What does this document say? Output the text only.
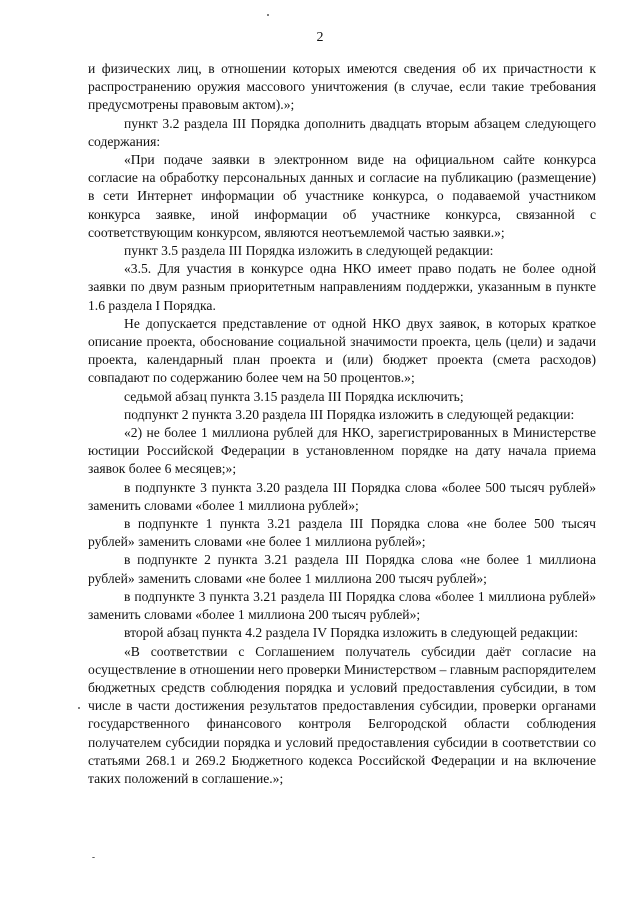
2

и физических лиц, в отношении которых имеются сведения об их причастности к распространению оружия массового уничтожения (в случае, если такие требования предусмотрены правовым актом).»;

пункт 3.2 раздела III Порядка дополнить двадцать вторым абзацем следующего содержания:

«При подаче заявки в электронном виде на официальном сайте конкурса согласие на обработку персональных данных и согласие на публикацию (размещение) в сети Интернет информации об участнике конкурса, о подаваемой участником конкурса заявке, иной информации об участнике конкурса, связанной с соответствующим конкурсом, являются неотъемлемой частью заявки.»;

пункт 3.5 раздела III Порядка изложить в следующей редакции:

«3.5. Для участия в конкурсе одна НКО имеет право подать не более одной заявки по двум разным приоритетным направлениям поддержки, указанным в пункте 1.6 раздела I Порядка.

Не допускается представление от одной НКО двух заявок, в которых краткое описание проекта, обоснование социальной значимости проекта, цель (цели) и задачи проекта, календарный план проекта и (или) бюджет проекта (смета расходов) совпадают по содержанию более чем на 50 процентов.»;

седьмой абзац пункта 3.15 раздела III Порядка исключить;

подпункт 2 пункта 3.20 раздела III Порядка изложить в следующей редакции:

«2) не более 1 миллиона рублей для НКО, зарегистрированных в Министерстве юстиции Российской Федерации в установленном порядке на дату начала приема заявок более 6 месяцев;»;

в подпункте 3 пункта 3.20 раздела III Порядка слова «более 500 тысяч рублей» заменить словами «более 1 миллиона рублей»;

в подпункте 1 пункта 3.21 раздела III Порядка слова «не более 500 тысяч рублей» заменить словами «не более 1 миллиона рублей»;

в подпункте 2 пункта 3.21 раздела III Порядка слова «не более 1 миллиона рублей» заменить словами «не более 1 миллиона 200 тысяч рублей»;

в подпункте 3 пункта 3.21 раздела III Порядка слова «более 1 миллиона рублей» заменить словами «более 1 миллиона 200 тысяч рублей»;

второй абзац пункта 4.2 раздела IV Порядка изложить в следующей редакции:

«В соответствии с Соглашением получатель субсидии даёт согласие на осуществление в отношении него проверки Министерством – главным распорядителем бюджетных средств соблюдения порядка и условий предоставления субсидии, в том числе в части достижения результатов предоставления субсидии, проверки органами государственного финансового контроля Белгородской области соблюдения получателем субсидии порядка и условий предоставления субсидии в соответствии со статьями 268.1 и 269.2 Бюджетного кодекса Российской Федерации и на включение таких положений в соглашение.»;
